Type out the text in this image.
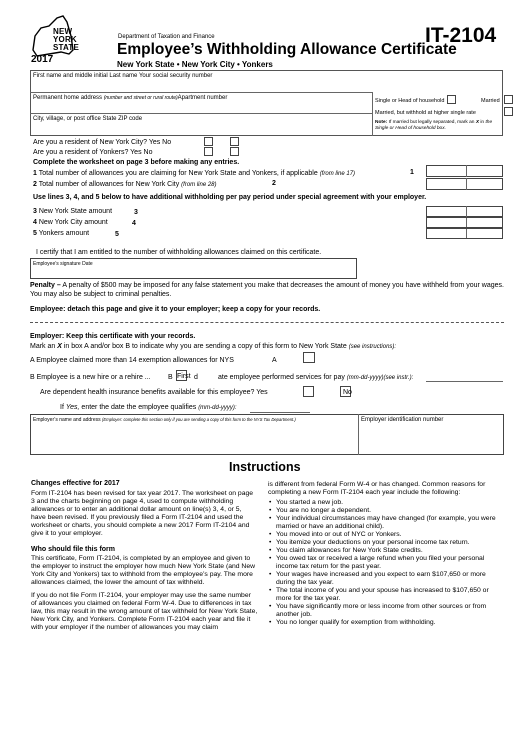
NEW
YORK
STATE
2017
Department of Taxation and Finance
Employee’s Withholding Allowance Certificate
New York State • New York City • Yonkers
IT-2104
First name and middle initial Last name Your social security number
Permanent home address (number and street or rural route)Apartment number
City, village, or post office State ZIP code
Single or Head of household	Married
Married, but withhold at higher single rate
Note: If married but legally separated, mark an X in the Single or Head of household box.
Are you a resident of New York City? Yes No
Are you a resident of Yonkers? Yes No
Complete the worksheet on page 3 before making any entries.
1 Total number of allowances you are claiming for New York State and Yonkers, if applicable (from line 17)	1
2 Total number of allowances for New York City (from line 28)	2
Use lines 3, 4, and 5 below to have additional withholding per pay period under special agreement with your employer.
3 New York State amount	3
4 New York City amount	4
5 Yonkers amount	5
I certify that I am entitled to the number of withholding allowances claimed on this certificate.
Employee’s signature Date
Penalty – A penalty of $500 may be imposed for any false statement you make that decreases the amount of money you have withheld from your wages. You may also be subject to criminal penalties.
Employee: detach this page and give it to your employer; keep a copy for your records.
Employer: Keep this certificate with your records.
Mark an X in box A and/or box B to indicate why you are sending a copy of this form to New York State (see instructions):
A Employee claimed more than 14 exemption allowances for NYS	A
B Employee is a new hire or a rehire ... B First d	ate employee performed services for pay (mm-dd-yyyy)(see instr.):
Are dependent health insurance benefits available for this employee? Yes	No
If Yes, enter the date the employee qualifies (mm-dd-yyyy):
Employer’s name and address (Employer: complete this section only if you are sending a copy of this form to the NYS Tax Department.)	Employer identification number
Instructions
Changes effective for 2017
Form IT-2104 has been revised for tax year 2017. The worksheet on page 3 and the charts beginning on page 4, used to compute withholding allowances or to enter an additional dollar amount on line(s) 3, 4, or 5, have been revised. If you previously filed a Form IT-2104 and used the worksheet or charts, you should complete a new 2017 Form IT-2104 and give it to your employer.
Who should file this form
This certificate, Form IT-2104, is completed by an employee and given to the employer to instruct the employer how much New York State (and New York City and Yonkers) tax to withhold from the employee’s pay. The more allowances claimed, the lower the amount of tax withheld.
If you do not file Form IT-2104, your employer may use the same number of allowances you claimed on federal Form W-4. Due to differences in tax law, this may result in the wrong amount of tax withheld for New York State, New York City, and Yonkers. Complete Form IT-2104 each year and file it with your employer if the number of allowances you may claim
is different from federal Form W-4 or has changed. Common reasons for completing a new Form IT-2104 each year include the following:
• You started a new job.
• You are no longer a dependent.
• Your individual circumstances may have changed (for example, you were married or have an additional child).
• You moved into or out of NYC or Yonkers.
• You itemize your deductions on your personal income tax return.
• You claim allowances for New York State credits.
• You owed tax or received a large refund when you filed your personal income tax return for the past year.
• Your wages have increased and you expect to earn $107,650 or more during the tax year.
• The total income of you and your spouse has increased to $107,650 or more for the tax year.
• You have significantly more or less income from other sources or from another job.
• You no longer qualify for exemption from withholding.
